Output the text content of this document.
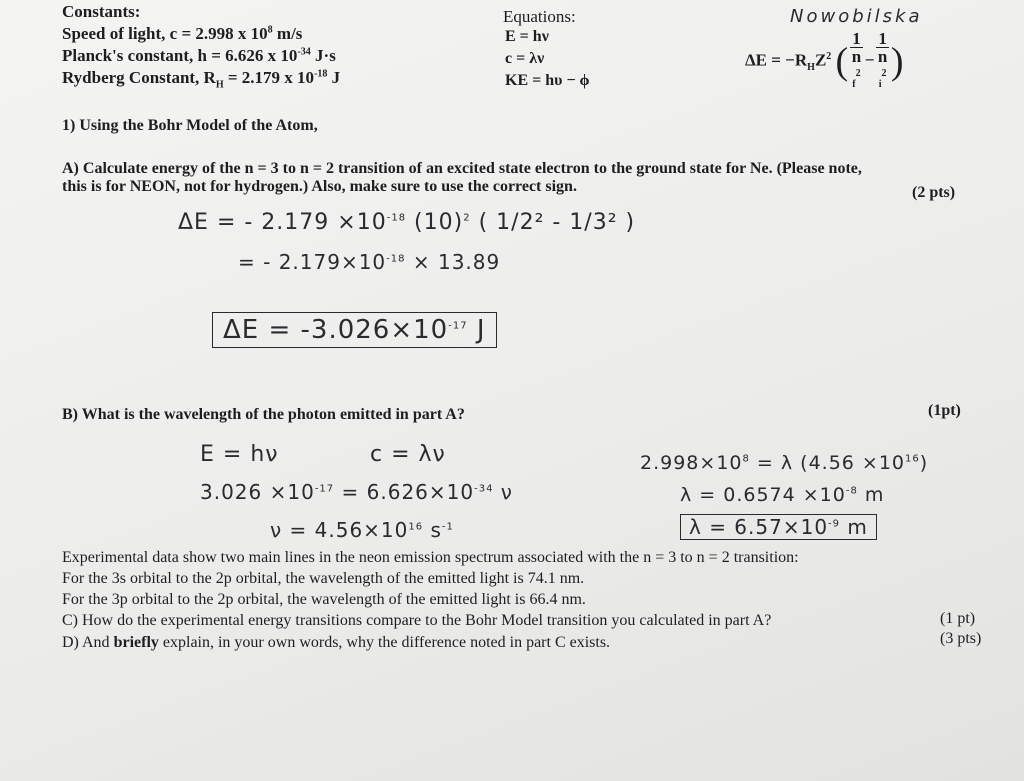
Constants:
Speed of light, c = 2.998 x $10^8$ m/s
Planck's constant, h = 6.626 x $10^{-34}$ J·s
Rydberg Constant, $R_H = 2.179$ x $10^{-18}$ J
Equations:
E = hν
c = λν
KE = hυ − ϕ
Nowobilska
$\Delta E = -R_HZ^2$ ( 1
n
$_f^2$ − 1
n
$_i^2$ )
1) Using the Bohr Model of the Atom,
A) Calculate energy of the n = 3 to n = 2 transition of an excited state electron to the ground state for Ne. (Please note,
this is for NEON, not for hydrogen.) Also, make sure to use the correct sign.	(2 pts)
ΔE = - $2.179 \times 10^{-18}$ $(10)^2$ ( 1/2² - 1/3² )
= - $2.179\times 10^{-18} \times 13.89$
$\Delta E = -3.026\times 10^{-17}$ J
B) What is the wavelength of the photon emitted in part A?	(1pt)
E = hν	c = λν
$3.026 \times 10^{-17} = 6.626\times 10^{-34}$ ν
$\nu = 4.56\times 10^{16}$ $s^{-1}$
$2.998\times 10^8 = \lambda$ $(4.56 \times 10^{16})$
$\lambda = 0.6574 \times 10^{-8}$ m
$\lambda = 6.57\times 10^{-9}$ m
Experimental data show two main lines in the neon emission spectrum associated with the n = 3 to n = 2 transition:
For the 3s orbital to the 2p orbital, the wavelength of the emitted light is 74.1 nm.
For the 3p orbital to the 2p orbital, the wavelength of the emitted light is 66.4 nm.
C) How do the experimental energy transitions compare to the Bohr Model transition you calculated in part A?	(1 pt)
D) And briefly explain, in your own words, why the difference noted in part C exists.	(3 pts)
